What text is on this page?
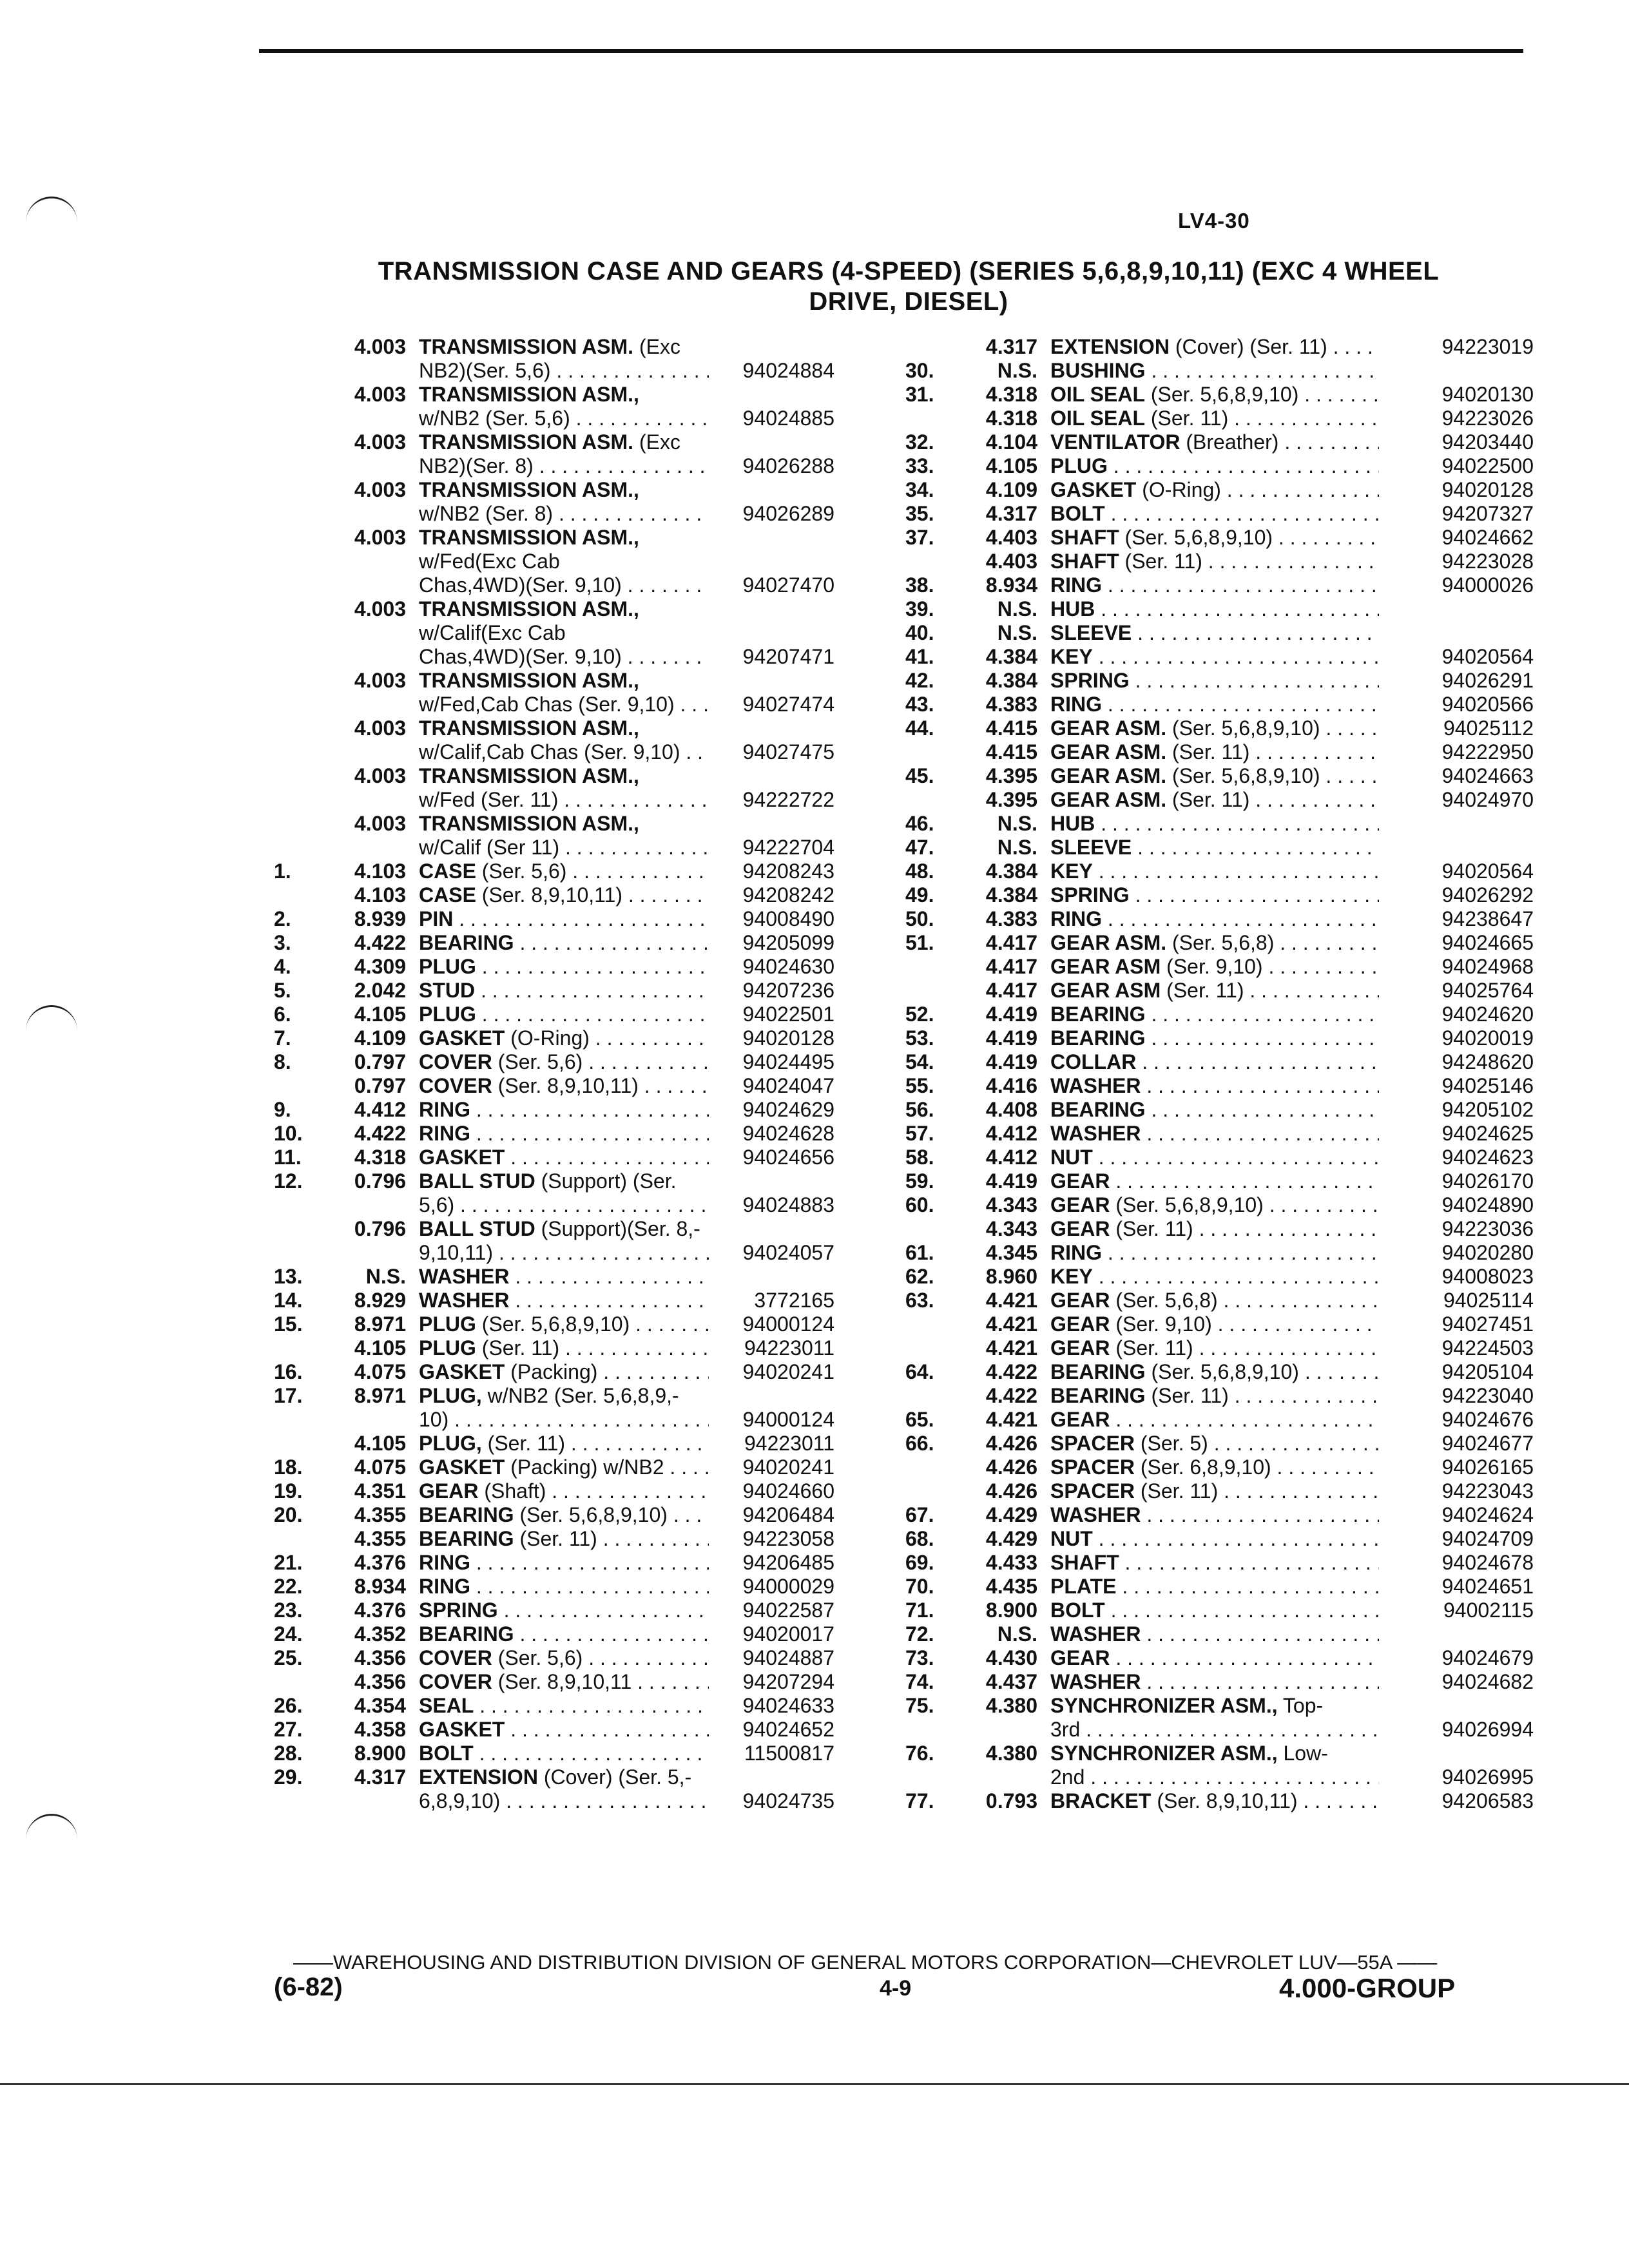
LV4-30
TRANSMISSION CASE AND GEARS (4-SPEED) (SERIES 5,6,8,9,10,11) (EXC 4 WHEEL
DRIVE, DIESEL)
4.003 TRANSMISSION ASM. (Exc
NB2)(Ser. 5,6) . . .	94024884
4.003 TRANSMISSION ASM.,
w/NB2 (Ser. 5,6) . . .	94024885
4.003 TRANSMISSION ASM. (Exc
NB2)(Ser. 8) . . .	94026288
4.003 TRANSMISSION ASM.,
w/NB2 (Ser. 8) . . .	94026289
4.003 TRANSMISSION ASM.,
w/Fed(Exc Cab
Chas,4WD)(Ser. 9,10) . . .	94027470
4.003 TRANSMISSION ASM.,
w/Calif(Exc Cab
Chas,4WD)(Ser. 9,10) . . .	94207471
4.003 TRANSMISSION ASM.,
w/Fed,Cab Chas (Ser. 9,10) . . .	94027474
4.003 TRANSMISSION ASM.,
w/Calif,Cab Chas (Ser. 9,10) . . .	94027475
4.003 TRANSMISSION ASM.,
w/Fed (Ser. 11) . . .	94222722
4.003 TRANSMISSION ASM.,
w/Calif (Ser 11) . . .	94222704
1.	4.103 CASE (Ser. 5,6) . . .	94208243
4.103 CASE (Ser. 8,9,10,11) . . .	94208242
2.	8.939 PIN . . .	94008490
3.	4.422 BEARING . . .	94205099
4.	4.309 PLUG . . .	94024630
5.	2.042 STUD . . .	94207236
6.	4.105 PLUG . . .	94022501
7.	4.109 GASKET (O-Ring) . . .	94020128
8.	0.797 COVER (Ser. 5,6) . . .	94024495
0.797 COVER (Ser. 8,9,10,11) . . .	94024047
9.	4.412 RING . . .	94024629
10.	4.422 RING . . .	94024628
11.	4.318 GASKET . . .	94024656
12.	0.796 BALL STUD (Support) (Ser.
5,6) . . .	94024883
0.796 BALL STUD (Support)(Ser. 8,-
9,10,11) . . .	94024057
13.	N.S. WASHER . . .
14.	8.929 WASHER . . .	3772165
15.	8.971 PLUG (Ser. 5,6,8,9,10) . . .	94000124
4.105 PLUG (Ser. 11) . . .	94223011
16.	4.075 GASKET (Packing) . . .	94020241
17.	8.971 PLUG, w/NB2 (Ser. 5,6,8,9,-
10) . . .	94000124
4.105 PLUG, (Ser. 11) . . .	94223011
18.	4.075 GASKET (Packing) w/NB2 . . .	94020241
19.	4.351 GEAR (Shaft) . . .	94024660
20.	4.355 BEARING (Ser. 5,6,8,9,10) . . .	94206484
4.355 BEARING (Ser. 11) . . .	94223058
21.	4.376 RING . . .	94206485
22.	8.934 RING . . .	94000029
23.	4.376 SPRING . . .	94022587
24.	4.352 BEARING . . .	94020017
25.	4.356 COVER (Ser. 5,6) . . .	94024887
4.356 COVER (Ser. 8,9,10,11 . . .	94207294
26.	4.354 SEAL . . .	94024633
27.	4.358 GASKET . . .	94024652
28.	8.900 BOLT . . .	11500817
29.	4.317 EXTENSION (Cover) (Ser. 5,-
6,8,9,10) . . .	94024735
4.317 EXTENSION (Cover) (Ser. 11) . . .	94223019
30.	N.S. BUSHING . . .
31.	4.318 OIL SEAL (Ser. 5,6,8,9,10) . . .	94020130
4.318 OIL SEAL (Ser. 11) . . .	94223026
32.	4.104 VENTILATOR (Breather) . . .	94203440
33.	4.105 PLUG . . .	94022500
34.	4.109 GASKET (O-Ring) . . .	94020128
35.	4.317 BOLT . . .	94207327
37.	4.403 SHAFT (Ser. 5,6,8,9,10) . . .	94024662
4.403 SHAFT (Ser. 11) . . .	94223028
38.	8.934 RING . . .	94000026
39.	N.S. HUB . . .
40.	N.S. SLEEVE . . .
41.	4.384 KEY . . .	94020564
42.	4.384 SPRING . . .	94026291
43.	4.383 RING . . .	94020566
44.	4.415 GEAR ASM. (Ser. 5,6,8,9,10) . . .	94025112
4.415 GEAR ASM. (Ser. 11) . . .	94222950
45.	4.395 GEAR ASM. (Ser. 5,6,8,9,10) . . .	94024663
4.395 GEAR ASM. (Ser. 11) . . .	94024970
46.	N.S. HUB . . .
47.	N.S. SLEEVE . . .
48.	4.384 KEY . . .	94020564
49.	4.384 SPRING . . .	94026292
50.	4.383 RING . . .	94238647
51.	4.417 GEAR ASM. (Ser. 5,6,8) . . .	94024665
4.417 GEAR ASM (Ser. 9,10) . . .	94024968
4.417 GEAR ASM (Ser. 11) . . .	94025764
52.	4.419 BEARING . . .	94024620
53.	4.419 BEARING . . .	94020019
54.	4.419 COLLAR . . .	94248620
55.	4.416 WASHER . . .	94025146
56.	4.408 BEARING . . .	94205102
57.	4.412 WASHER . . .	94024625
58.	4.412 NUT . . .	94024623
59.	4.419 GEAR . . .	94026170
60.	4.343 GEAR (Ser. 5,6,8,9,10) . . .	94024890
4.343 GEAR (Ser. 11) . . .	94223036
61.	4.345 RING . . .	94020280
62.	8.960 KEY . . .	94008023
63.	4.421 GEAR (Ser. 5,6,8) . . .	94025114
4.421 GEAR (Ser. 9,10) . . .	94027451
4.421 GEAR (Ser. 11) . . .	94224503
64.	4.422 BEARING (Ser. 5,6,8,9,10) . . .	94205104
4.422 BEARING (Ser. 11) . . .	94223040
65.	4.421 GEAR . . .	94024676
66.	4.426 SPACER (Ser. 5) . . .	94024677
4.426 SPACER (Ser. 6,8,9,10) . . .	94026165
4.426 SPACER (Ser. 11) . . .	94223043
67.	4.429 WASHER . . .	94024624
68.	4.429 NUT . . .	94024709
69.	4.433 SHAFT . . .	94024678
70.	4.435 PLATE . . .	94024651
71.	8.900 BOLT . . .	94002115
72.	N.S. WASHER . . .
73.	4.430 GEAR . . .	94024679
74.	4.437 WASHER . . .	94024682
75.	4.380 SYNCHRONIZER ASM., Top-
3rd . . .	94026994
76.	4.380 SYNCHRONIZER ASM., Low-
2nd . . .	94026995
77.	0.793 BRACKET (Ser. 8,9,10,11) . . .	94206583
——WAREHOUSING AND DISTRIBUTION DIVISION OF GENERAL MOTORS CORPORATION—CHEVROLET LUV—55A ——
(6-82)	4-9	4.000-GROUP
